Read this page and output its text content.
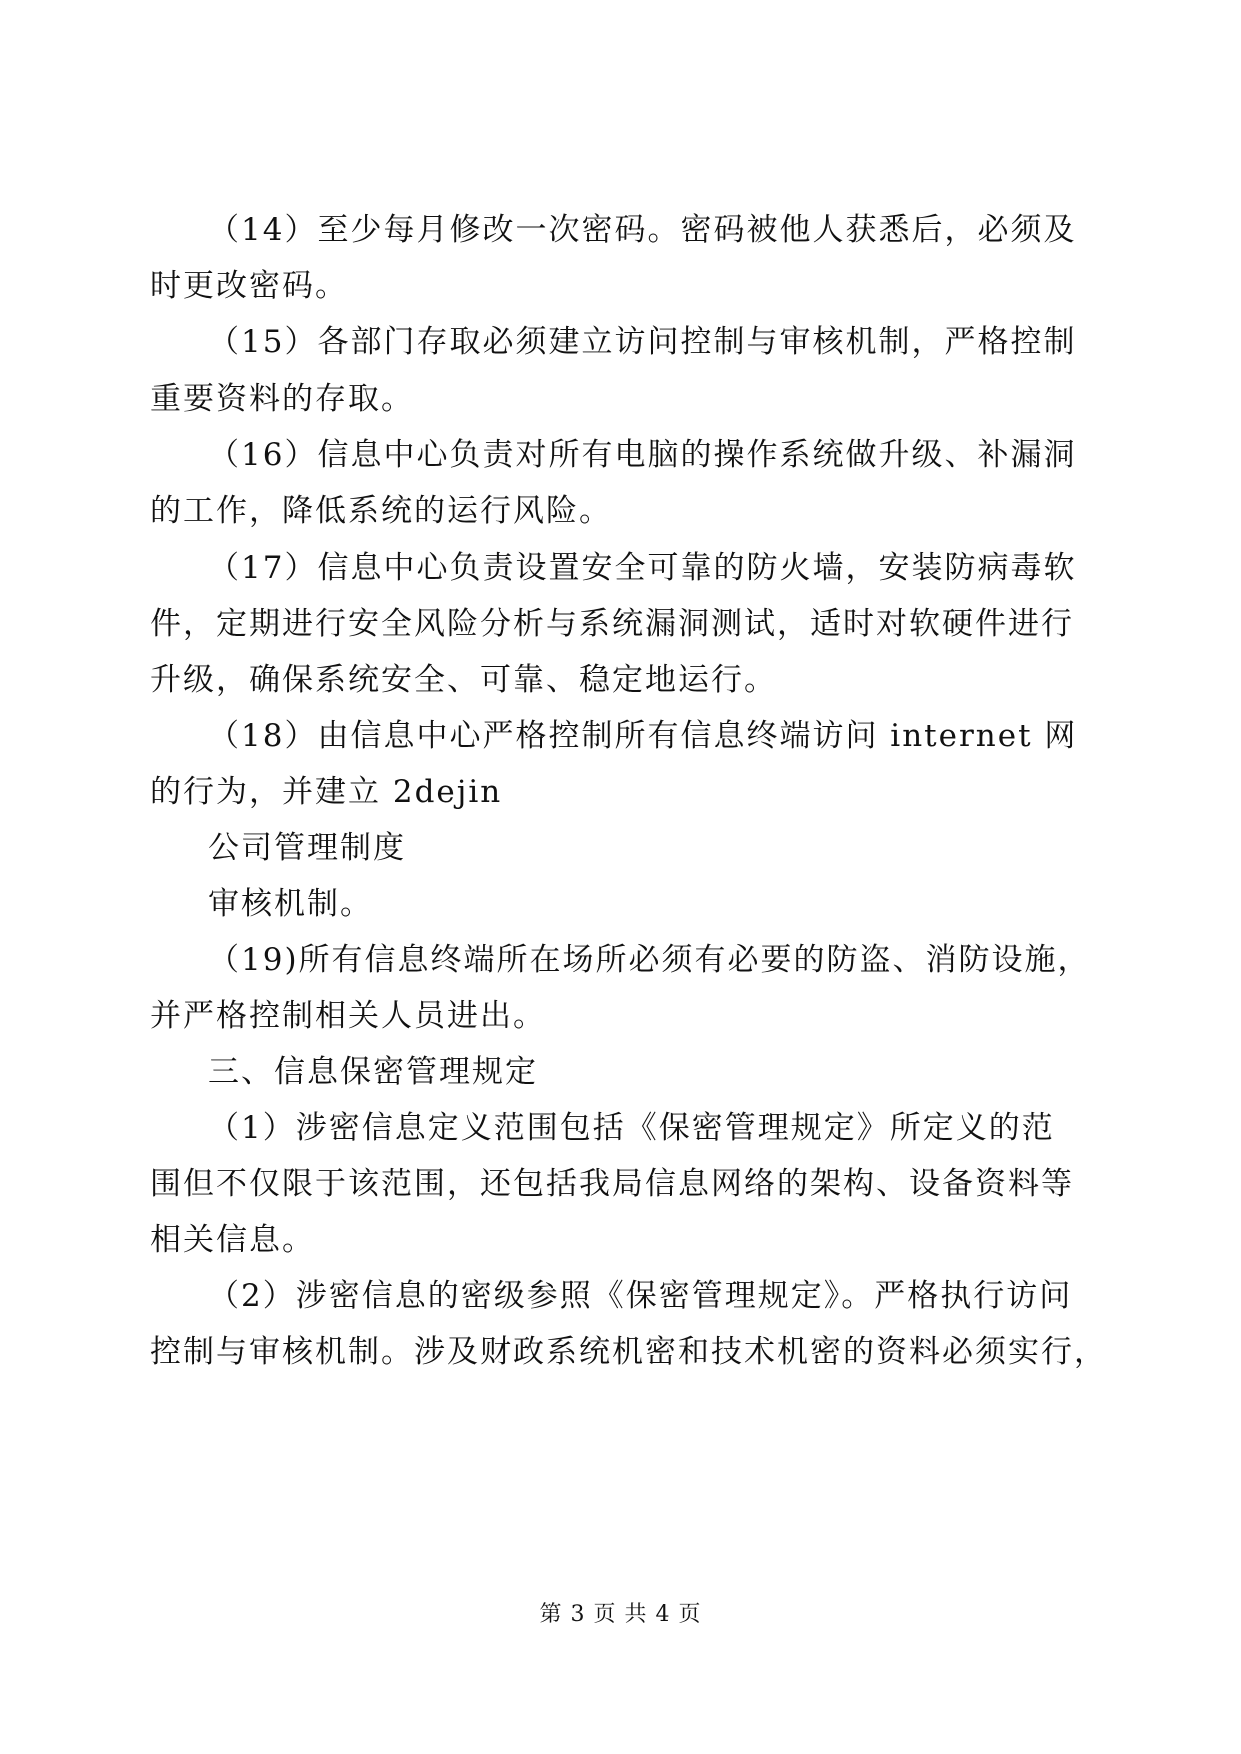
（14）至少每月修改一次密码。密码被他人获悉后，必须及
时更改密码。
（15）各部门存取必须建立访问控制与审核机制，严格控制
重要资料的存取。
（16）信息中心负责对所有电脑的操作系统做升级、补漏洞
的工作，降低系统的运行风险。
（17）信息中心负责设置安全可靠的防火墙，安装防病毒软
件，定期进行安全风险分析与系统漏洞测试，适时对软硬件进行
升级，确保系统安全、可靠、稳定地运行。
（18）由信息中心严格控制所有信息终端访问 internet 网
的行为，并建立 2dejin
公司管理制度
审核机制。
（19)所有信息终端所在场所必须有必要的防盗、消防设施，
并严格控制相关人员进出。
三、信息保密管理规定
（1）涉密信息定义范围包括《保密管理规定》所定义的范
围但不仅限于该范围，还包括我局信息网络的架构、设备资料等
相关信息。
（2）涉密信息的密级参照《保密管理规定》。严格执行访问
控制与审核机制。涉及财政系统机密和技术机密的资料必须实行，
第 3 页 共 4 页
